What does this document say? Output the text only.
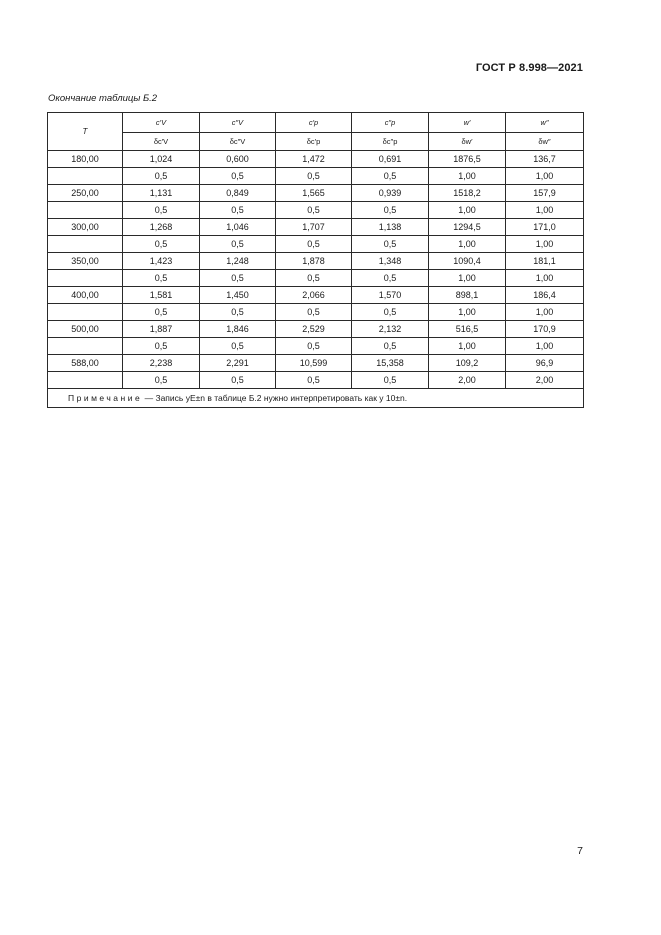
ГОСТ Р 8.998—2021
Окончание таблицы Б.2
T	c′V	c″V	c′p	c″p	w′	w″
	δc′V	δc″V	δc′p	δc″p	δw′	δw″
180,00	1,024	0,600	1,472	0,691	1876,5	136,7
	0,5	0,5	0,5	0,5	1,00	1,00
250,00	1,131	0,849	1,565	0,939	1518,2	157,9
	0,5	0,5	0,5	0,5	1,00	1,00
300,00	1,268	1,046	1,707	1,138	1294,5	171,0
	0,5	0,5	0,5	0,5	1,00	1,00
350,00	1,423	1,248	1,878	1,348	1090,4	181,1
	0,5	0,5	0,5	0,5	1,00	1,00
400,00	1,581	1,450	2,066	1,570	898,1	186,4
	0,5	0,5	0,5	0,5	1,00	1,00
500,00	1,887	1,846	2,529	2,132	516,5	170,9
	0,5	0,5	0,5	0,5	1,00	1,00
588,00	2,238	2,291	10,599	15,358	109,2	96,9
	0,5	0,5	0,5	0,5	2,00	2,00
Примечание — Запись yE±n в таблице Б.2 нужно интерпретировать как y 10±n.						
7
